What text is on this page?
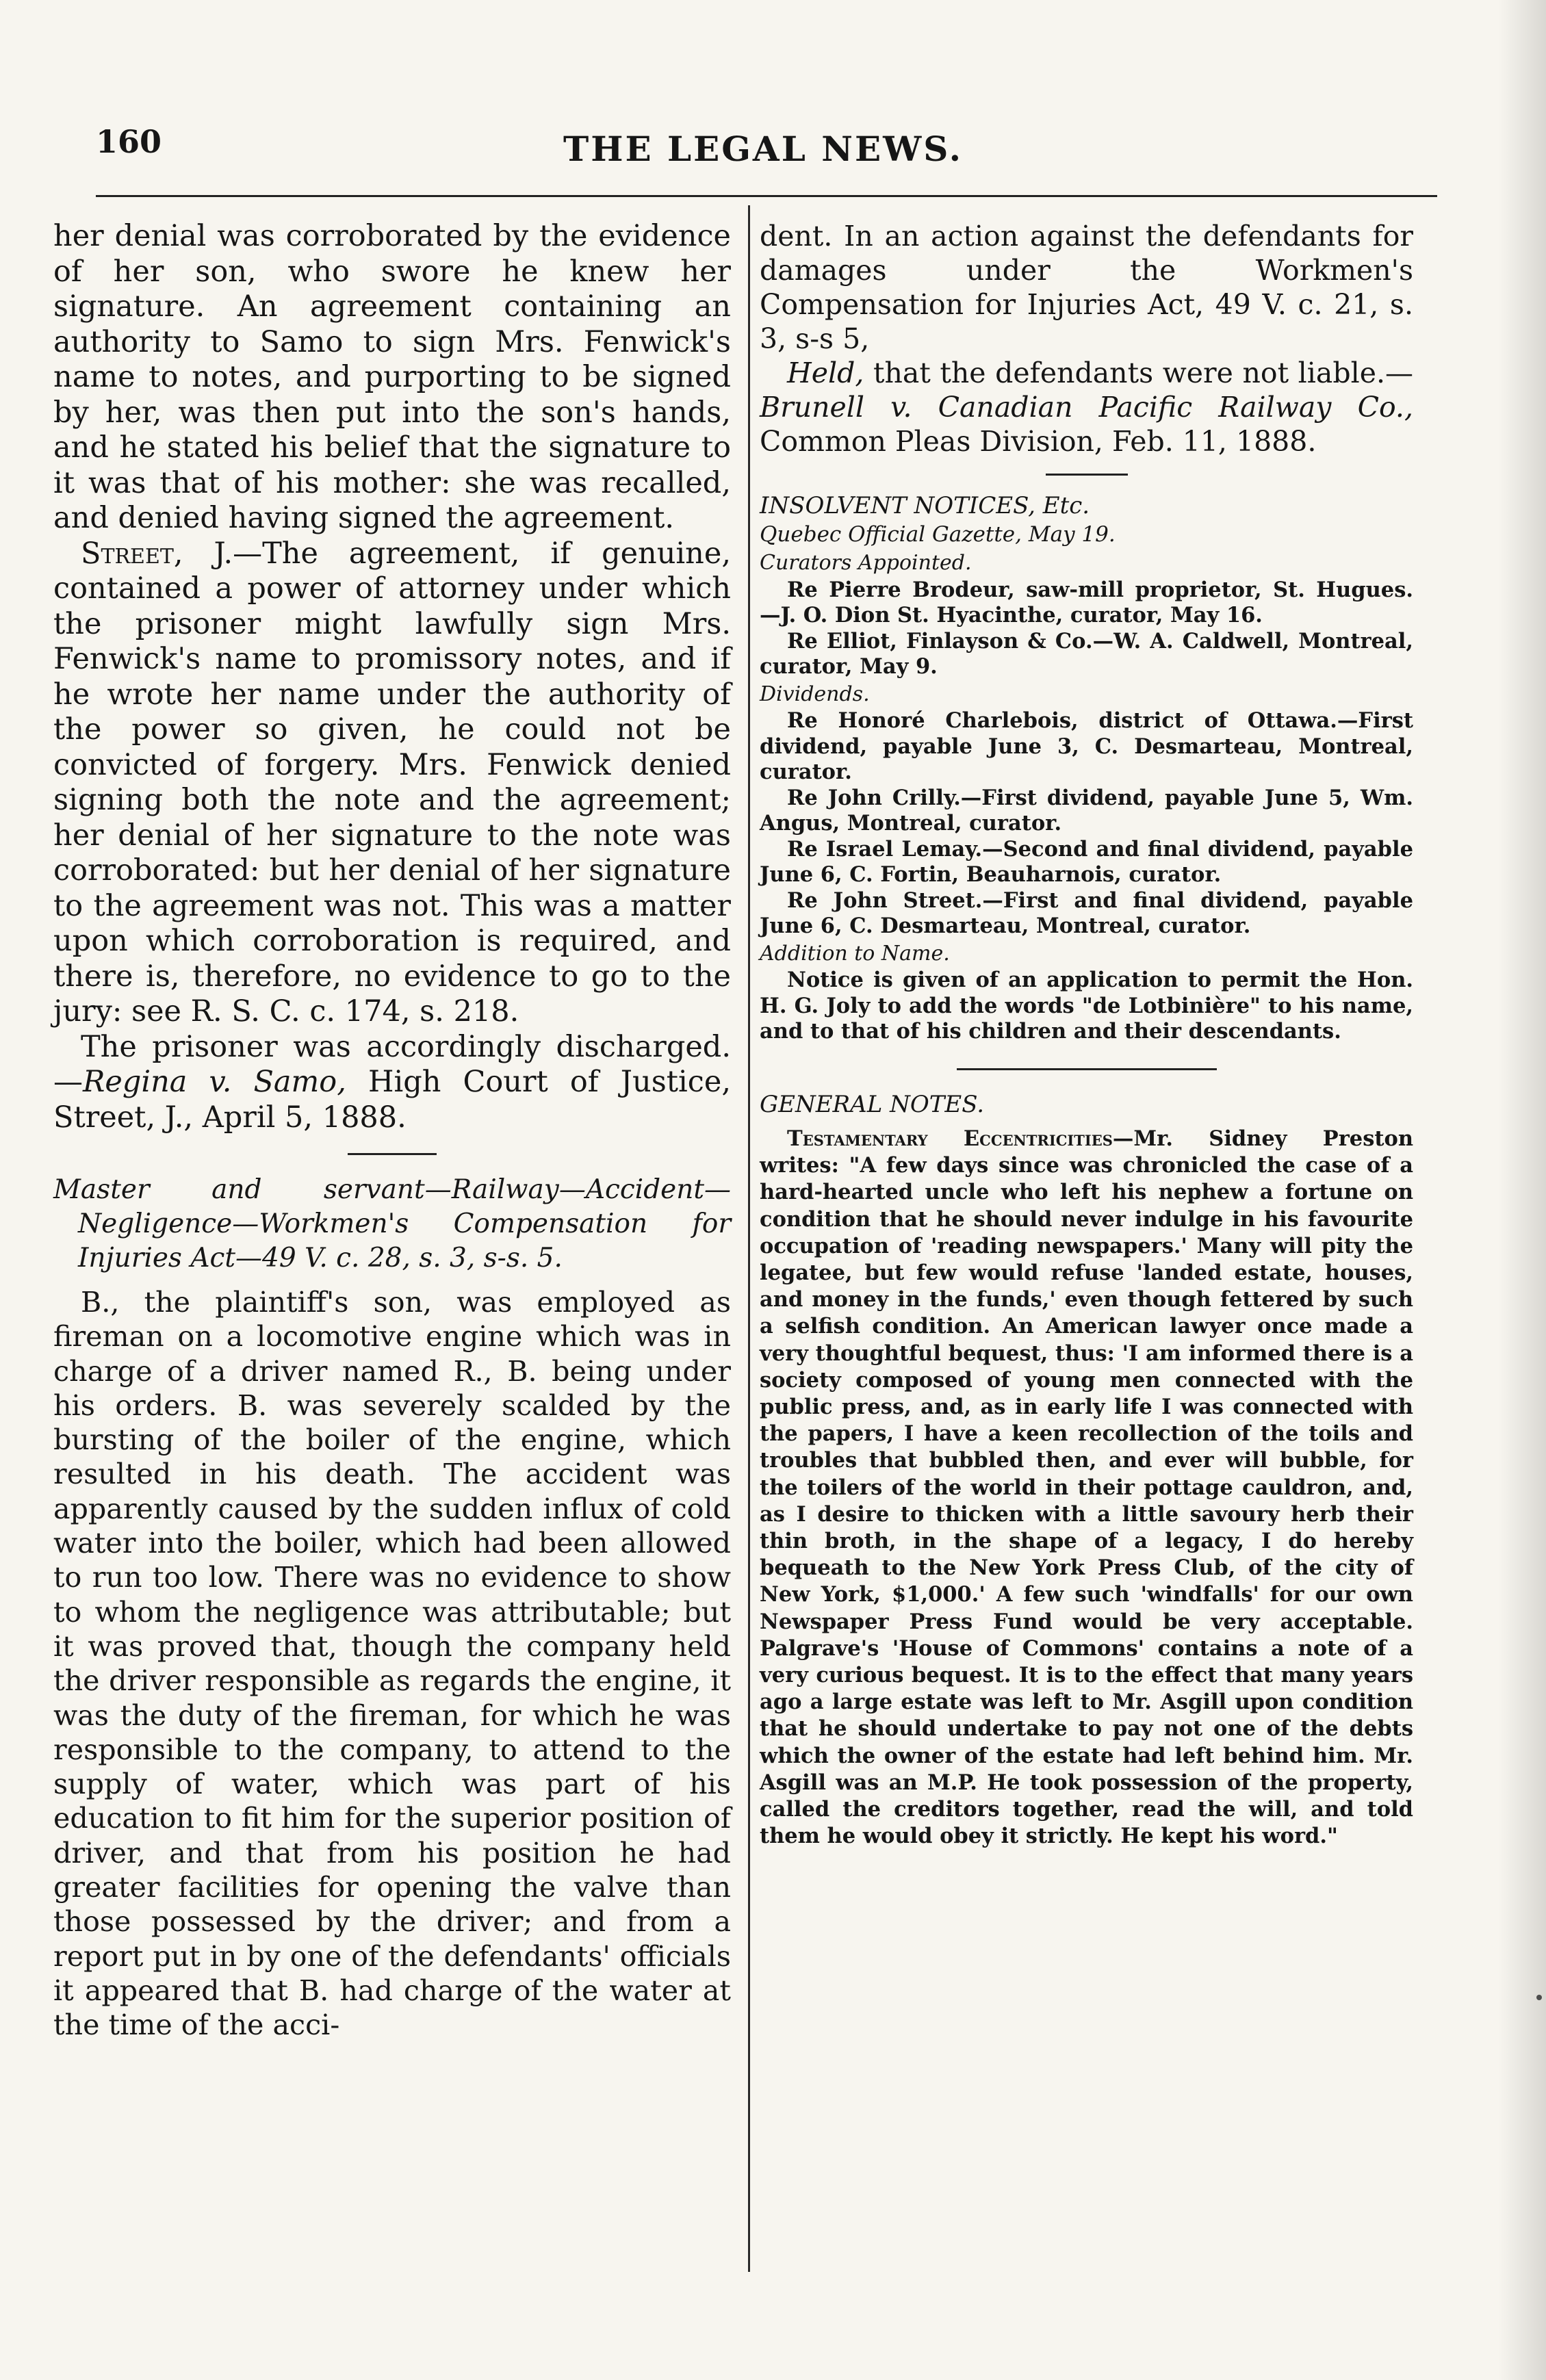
160	THE LEGAL NEWS.

her denial was corroborated by the evidence of her son, who swore he knew her signature. An agreement containing an authority to Samo to sign Mrs. Fenwick's name to notes, and purporting to be signed by her, was then put into the son's hands, and he stated his belief that the signature to it was that of his mother: she was recalled, and denied having signed the agreement.

Street, J.—The agreement, if genuine, contained a power of attorney under which the prisoner might lawfully sign Mrs. Fenwick's name to promissory notes, and if he wrote her name under the authority of the power so given, he could not be convicted of forgery. Mrs. Fenwick denied signing both the note and the agreement; her denial of her signature to the note was corroborated: but her denial of her signature to the agreement was not. This was a matter upon which corroboration is required, and there is, therefore, no evidence to go to the jury: see R. S. C. c. 174, s. 218.

The prisoner was accordingly discharged.—Regina v. Samo, High Court of Justice, Street, J., April 5, 1888.

Master and servant—Railway—Accident—Negligence—Workmen's Compensation for Injuries Act—49 V. c. 28, s. 3, s-s. 5.

B., the plaintiff's son, was employed as fireman on a locomotive engine which was in charge of a driver named R., B. being under his orders. B. was severely scalded by the bursting of the boiler of the engine, which resulted in his death. The accident was apparently caused by the sudden influx of cold water into the boiler, which had been allowed to run too low. There was no evidence to show to whom the negligence was attributable; but it was proved that, though the company held the driver responsible as regards the engine, it was the duty of the fireman, for which he was responsible to the company, to attend to the supply of water, which was part of his education to fit him for the superior position of driver, and that from his position he had greater facilities for opening the valve than those possessed by the driver; and from a report put in by one of the defendants' officials it appeared that B. had charge of the water at the time of the acci-

dent. In an action against the defendants for damages under the Workmen's Compensation for Injuries Act, 49 V. c. 21, s. 3, s-s 5,

Held, that the defendants were not liable.— Brunell v. Canadian Pacific Railway Co., Common Pleas Division, Feb. 11, 1888.

INSOLVENT NOTICES, Etc.

Quebec Official Gazette, May 19.

Curators Appointed.

Re Pierre Brodeur, saw-mill proprietor, St. Hugues. —J. O. Dion St. Hyacinthe, curator, May 16.

Re Elliot, Finlayson & Co.—W. A. Caldwell, Montreal, curator, May 9.

Dividends.

Re Honoré Charlebois, district of Ottawa.—First dividend, payable June 3, C. Desmarteau, Montreal, curator.

Re John Crilly.—First dividend, payable June 5, Wm. Angus, Montreal, curator.

Re Israel Lemay.—Second and final dividend, payable June 6, C. Fortin, Beauharnois, curator.

Re John Street.—First and final dividend, payable June 6, C. Desmarteau, Montreal, curator.

Addition to Name.

Notice is given of an application to permit the Hon. H. G. Joly to add the words "de Lotbinière" to his name, and to that of his children and their descendants.

GENERAL NOTES.

Testamentary Eccentricities—Mr. Sidney Preston writes: "A few days since was chronicled the case of a hard-hearted uncle who left his nephew a fortune on condition that he should never indulge in his favourite occupation of 'reading newspapers.' Many will pity the legatee, but few would refuse 'landed estate, houses, and money in the funds,' even though fettered by such a selfish condition. An American lawyer once made a very thoughtful bequest, thus: 'I am informed there is a society composed of young men connected with the public press, and, as in early life I was connected with the papers, I have a keen recollection of the toils and troubles that bubbled then, and ever will bubble, for the toilers of the world in their pottage cauldron, and, as I desire to thicken with a little savoury herb their thin broth, in the shape of a legacy, I do hereby bequeath to the New York Press Club, of the city of New York, $1,000.' A few such 'windfalls' for our own Newspaper Press Fund would be very acceptable. Palgrave's 'House of Commons' contains a note of a very curious bequest. It is to the effect that many years ago a large estate was left to Mr. Asgill upon condition that he should undertake to pay not one of the debts which the owner of the estate had left behind him. Mr. Asgill was an M.P. He took possession of the property, called the creditors together, read the will, and told them he would obey it strictly. He kept his word."
